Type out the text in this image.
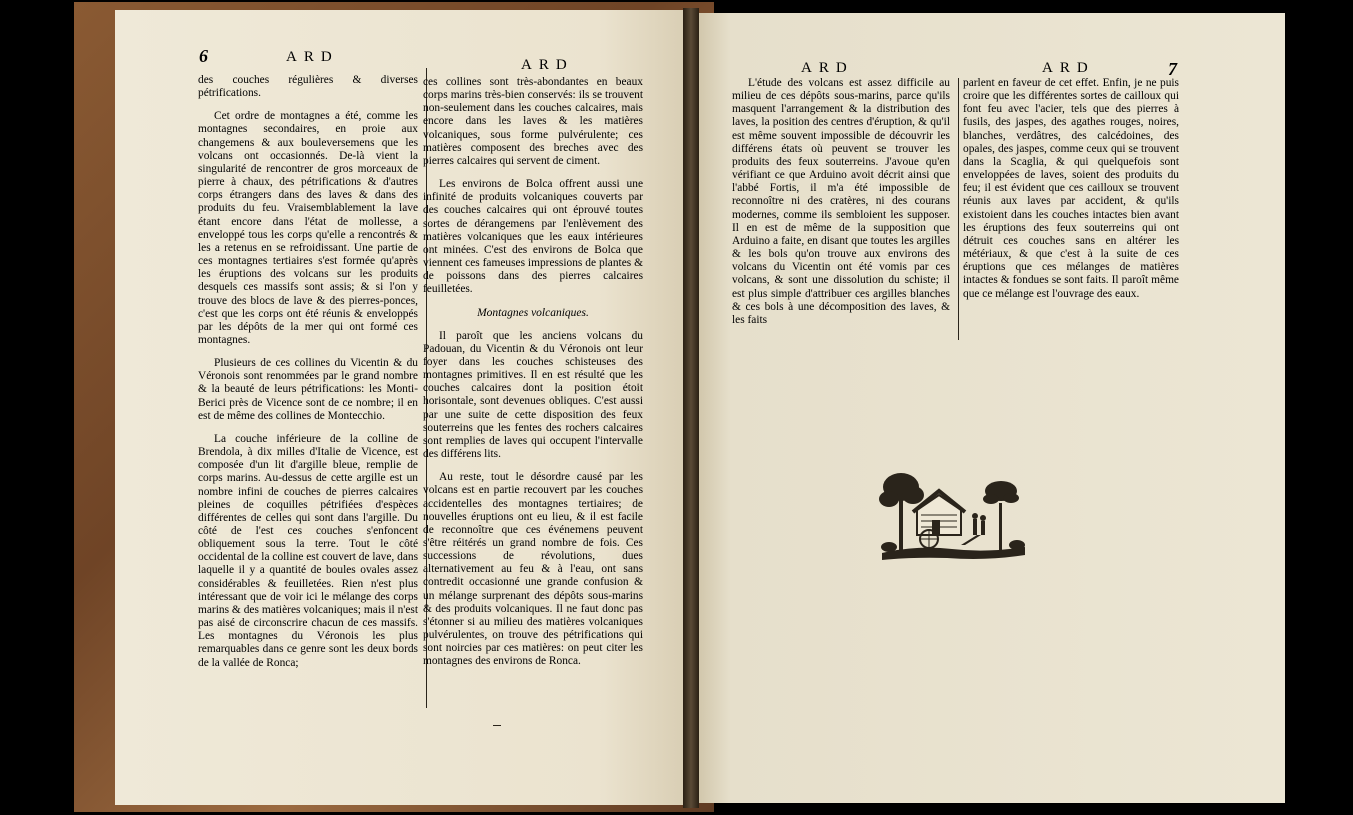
6	ARD	ARD

des couches régulières & diverses pétrifications.

Cet ordre de montagnes a été, comme les montagnes secondaires, en proie aux changemens & aux bouleversemens que les volcans ont occasionnés. De-là vient la singularité de rencontrer de gros morceaux de pierre à chaux, des pétrifications & d'autres corps étrangers dans des laves & dans des produits du feu. Vraisemblablement la lave étant encore dans l'état de mollesse, a enveloppé tous les corps qu'elle a rencontrés & les a retenus en se refroidissant. Une partie de ces montagnes tertiaires s'est formée qu'après les éruptions des volcans sur les produits desquels ces massifs sont assis; & si l'on y trouve des blocs de lave & des pierres-ponces, c'est que les corps ont été réunis & enveloppés par les dépôts de la mer qui ont formé ces montagnes.

Plusieurs de ces collines du Vicentin & du Véronois sont renommées par le grand nombre & la beauté de leurs pétrifications: les Monti-Berici près de Vicence sont de ce nombre; il en est de même des collines de Montecchio.

La couche inférieure de la colline de Brendola, à dix milles d'Italie de Vicence, est composée d'un lit d'argille bleue, remplie de corps marins. Au-dessus de cette argille est un nombre infini de couches de pierres calcaires pleines de coquilles pétrifiées d'espèces différentes de celles qui sont dans l'argille. Du côté de l'est ces couches s'enfoncent obliquement sous la terre. Tout le côté occidental de la colline est couvert de lave, dans laquelle il y a quantité de boules ovales assez considérables & feuilletées. Rien n'est plus intéressant que de voir ici le mélange des corps marins & des matières volcaniques; mais il n'est pas aisé de circonscrire chacun de ces massifs. Les montagnes du Véronois les plus remarquables dans ce genre sont les deux bords de la vallée de Ronca;

ces collines sont très-abondantes en beaux corps marins très-bien conservés: ils se trouvent non-seulement dans les couches calcaires, mais encore dans les laves & les matières volcaniques, sous forme pulvérulente; ces matières composent des breches avec des pierres calcaires qui servent de ciment.

Les environs de Bolca offrent aussi une infinité de produits volcaniques couverts par des couches calcaires qui ont éprouvé toutes sortes de dérangemens par l'enlèvement des matières volcaniques que les eaux intérieures ont minées. C'est des environs de Bolca que viennent ces fameuses impressions de plantes & de poissons dans des pierres calcaires feuilletées.

Montagnes volcaniques.

Il paroît que les anciens volcans du Padouan, du Vicentin & du Véronois ont leur foyer dans les couches schisteuses des montagnes primitives. Il en est résulté que les couches calcaires dont la position étoit horisontale, sont devenues obliques. C'est aussi par une suite de cette disposition des feux souterreins que les fentes des rochers calcaires sont remplies de laves qui occupent l'intervalle des différens lits.

Au reste, tout le désordre causé par les volcans est en partie recouvert par les couches accidentelles des montagnes tertiaires; de nouvelles éruptions ont eu lieu, & il est facile de reconnoître que ces événemens peuvent s'être réitérés un grand nombre de fois. Ces successions de révolutions, dues alternativement au feu & à l'eau, ont sans contredit occasionné une grande confusion & un mélange surprenant des dépôts sous-marins & des produits volcaniques. Il ne faut donc pas s'étonner si au milieu des matières volcaniques pulvérulentes, on trouve des pétrifications qui sont noircies par ces matières: on peut citer les montagnes des environs de Ronca.

ARD	ARD	7

L'étude des volcans est assez difficile au milieu de ces dépôts sous-marins, parce qu'ils masquent l'arrangement & la distribution des laves, la position des centres d'éruption, & qu'il est même souvent impossible de découvrir les différens états où peuvent se trouver les produits des feux souterreins. J'avoue qu'en vérifiant ce que Arduino avoit décrit ainsi que l'abbé Fortis, il m'a été impossible de reconnoître ni des cratères, ni des courans modernes, comme ils sembloient les supposer. Il en est de même de la supposition que Arduino a faite, en disant que toutes les argilles & les bols qu'on trouve aux environs des volcans du Vicentin ont été vomis par ces volcans, & sont une dissolution du schiste; il est plus simple d'attribuer ces argilles blanches & ces bols à une décomposition des laves, & les faits

parlent en faveur de cet effet. Enfin, je ne puis croire que les différentes sortes de cailloux qui font feu avec l'acier, tels que des pierres à fusils, des jaspes, des agathes rouges, noires, blanches, verdâtres, des calcédoines, des opales, des jaspes, comme ceux qui se trouvent dans la Scaglia, & qui quelquefois sont enveloppées de laves, soient des produits du feu; il est évident que ces cailloux se trouvent réunis aux laves par accident, & qu'ils existoient dans les couches intactes bien avant les éruptions des feux souterreins qui ont détruit ces couches sans en altérer les métériaux, & que c'est à la suite de ces éruptions que ces mélanges de matières intactes & fondues se sont faits. Il paroît même que ce mélange est l'ouvrage des eaux.
